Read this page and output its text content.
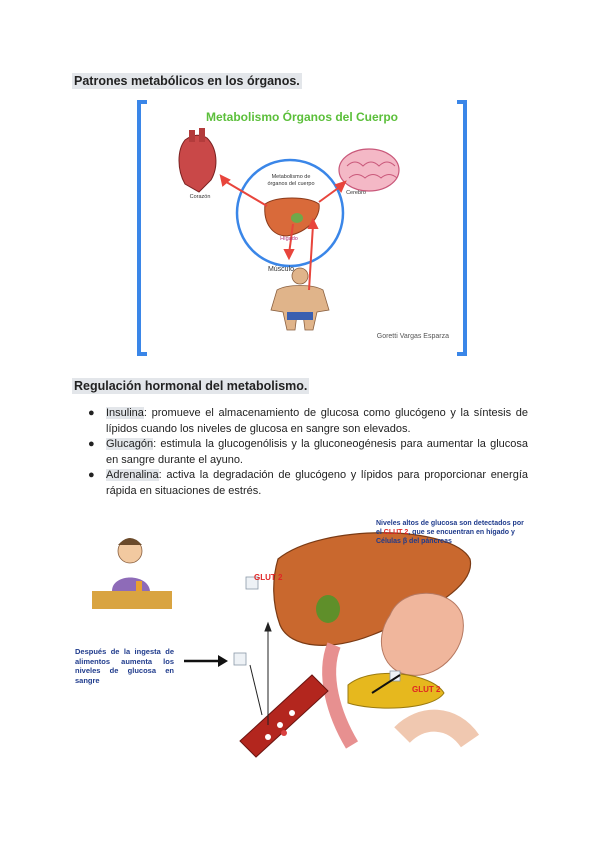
Patrones metabólicos en los órganos.
Metabolismo Órganos del Cuerpo
Metabolismo de
órganos del cuerpo
Corazón
Cerebro
Hígado
Músculo
Goretti Vargas Esparza
Regulación hormonal del metabolismo.
● Insulina: promueve el almacenamiento de glucosa como glucógeno y la síntesis de lípidos cuando los niveles de glucosa en sangre son elevados.
● Glucagón: estimula la glucogenólisis y la gluconeogénesis para aumentar la glucosa en sangre durante el ayuno.
● Adrenalina: activa la degradación de glucógeno y lípidos para proporcionar energía rápida en situaciones de estrés.
Niveles altos de glucosa son detectados por el CLUT 2, que se encuentran en hígado y Células β del páncreas
GLUT 2
GLUT 2
Después de la ingesta de alimentos aumenta los niveles de glucosa en sangre
